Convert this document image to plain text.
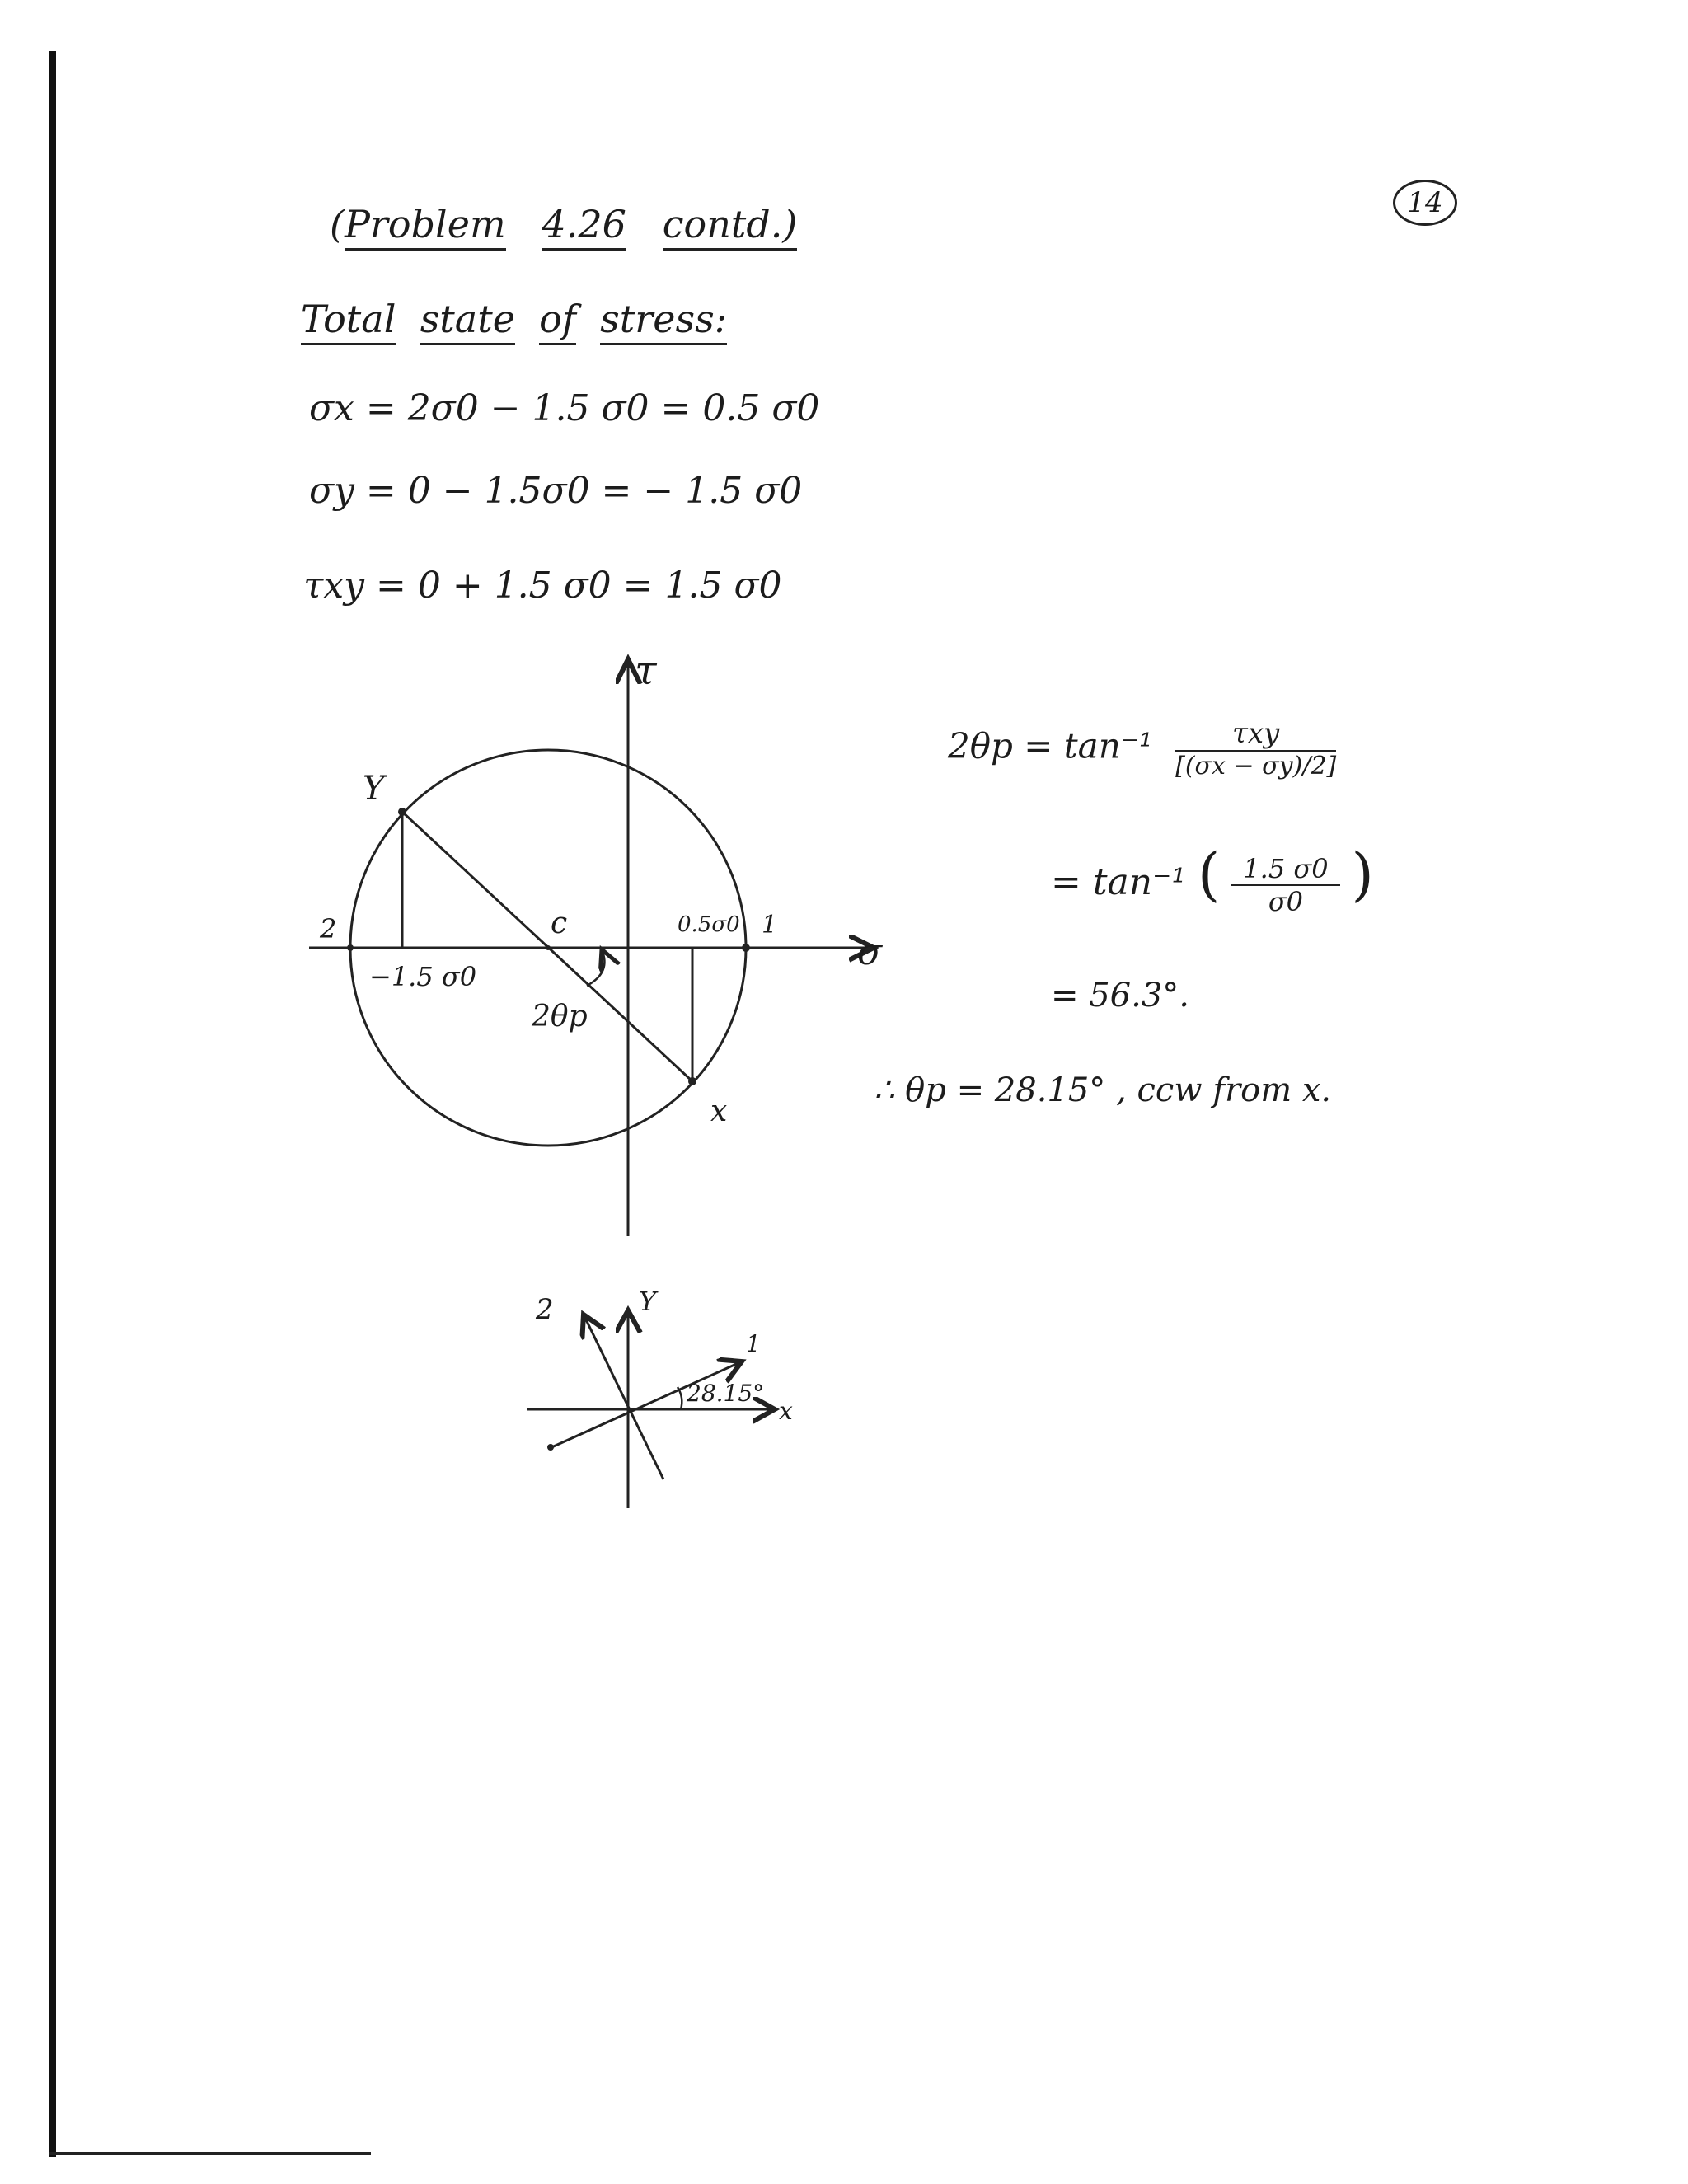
14
(Problem 4.26 contd.)
Total state of stress:
σx = 2σ0 − 1.5 σ0 = 0.5 σ0
σy = 0 − 1.5σ0 = − 1.5 σ0
τxy = 0 + 1.5 σ0 = 1.5 σ0
τ
σ
Y
x
c	1
2
−1.5 σ0
0.5σ0
2θp
2θp = tan⁻¹	τxy
[(σx − σy)/2]
= tan⁻¹ ( $\frac{1.5 \sigma 0}{\sigma 0}$ )
= 56.3°.
∴ θp = 28.15° , ccw from x.
2	Y
1
x
28.15°
